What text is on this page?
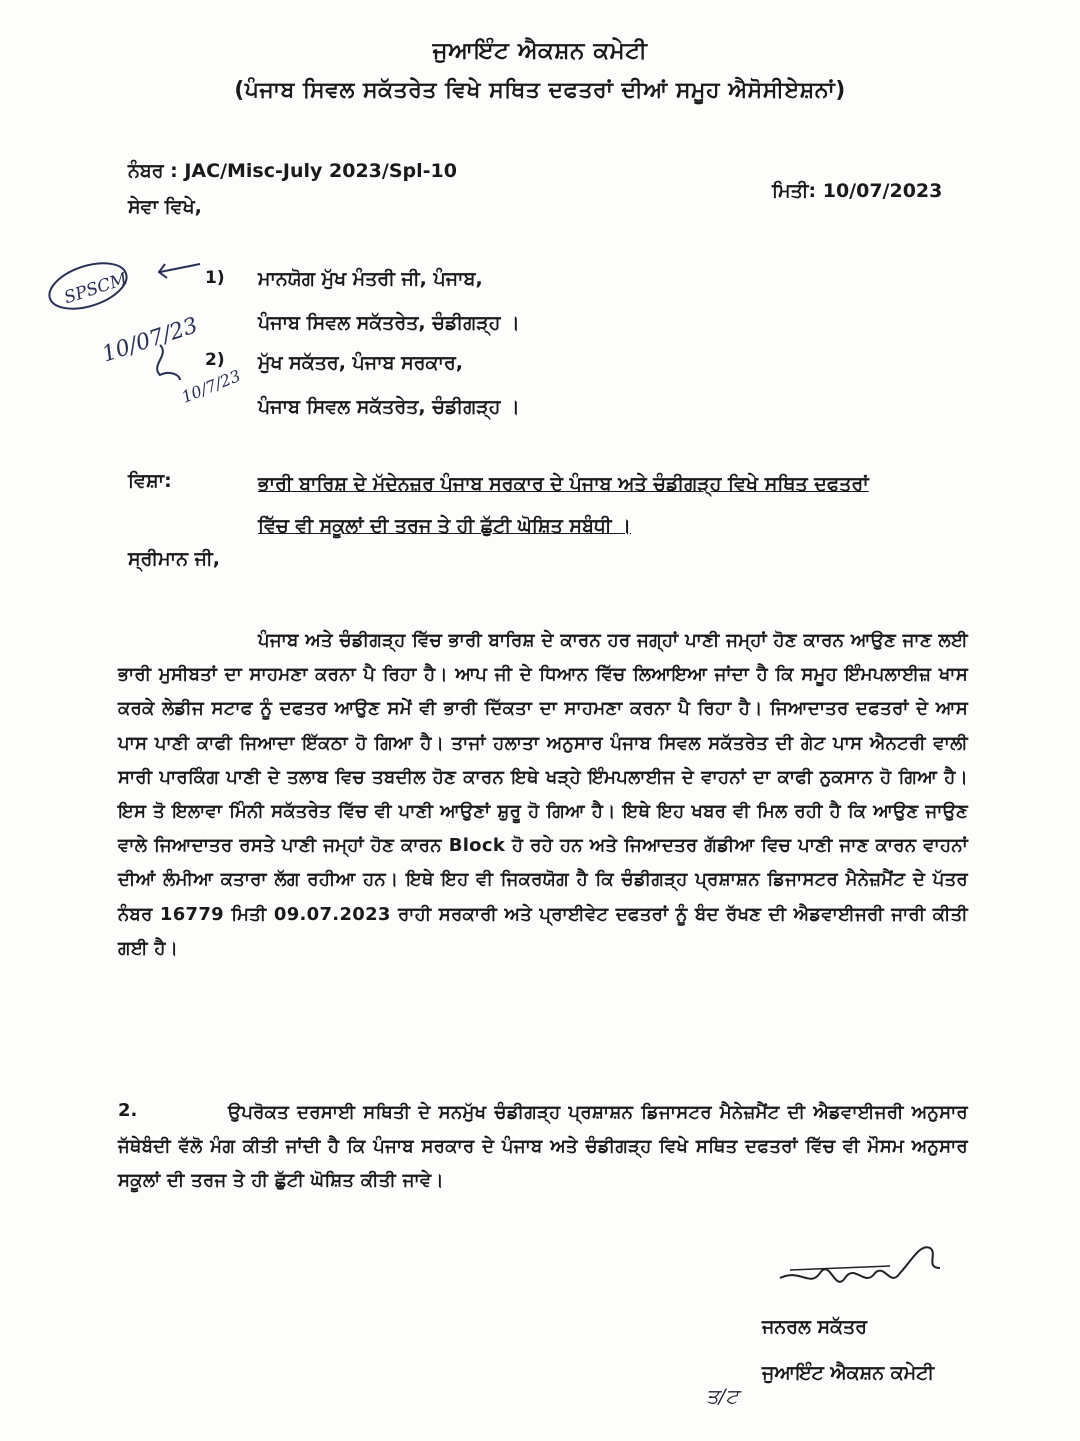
ਜੁਆਇੰਟ ਐਕਸ਼ਨ ਕਮੇਟੀ
(ਪੰਜਾਬ ਸਿਵਲ ਸਕੱਤਰੇਤ ਵਿਖੇ ਸਥਿਤ ਦਫਤਰਾਂ ਦੀਆਂ ਸਮੂਹ ਐਸੋਸੀਏਸ਼ਨਾਂ)
ਨੰਬਰ : JAC/Misc-July 2023/Spl-10
ਮਿਤੀ: 10/07/2023
ਸੇਵਾ ਵਿਖੇ,
SPSCM
10/07/23
10/7/23
1) ਮਾਨਯੋਗ ਮੁੱਖ ਮੰਤਰੀ ਜੀ, ਪੰਜਾਬ,
ਪੰਜਾਬ ਸਿਵਲ ਸਕੱਤਰੇਤ, ਚੰਡੀਗੜ੍ਹ ।
2) ਮੁੱਖ ਸਕੱਤਰ, ਪੰਜਾਬ ਸਰਕਾਰ,
ਪੰਜਾਬ ਸਿਵਲ ਸਕੱਤਰੇਤ, ਚੰਡੀਗੜ੍ਹ ।
ਵਿਸ਼ਾ:	ਭਾਰੀ ਬਾਰਿਸ਼ ਦੇ ਮੱਦੇਨਜ਼ਰ ਪੰਜਾਬ ਸਰਕਾਰ ਦੇ ਪੰਜਾਬ ਅਤੇ ਚੰਡੀਗੜ੍ਹ ਵਿਖੇ ਸਥਿਤ ਦਫਤਰਾਂ
ਵਿੱਚ ਵੀ ਸਕੂਲਾਂ ਦੀ ਤਰਜ ਤੇ ਹੀ ਛੁੱਟੀ ਘੋਸ਼ਿਤ ਸਬੰਧੀ ।
ਸ੍ਰੀਮਾਨ ਜੀ,
ਪੰਜਾਬ ਅਤੇ ਚੰਡੀਗੜ੍ਹ ਵਿੱਚ ਭਾਰੀ ਬਾਰਿਸ਼ ਦੇ ਕਾਰਨ ਹਰ ਜਗ੍ਹਾਂ ਪਾਣੀ ਜਮ੍ਹਾਂ ਹੋਣ ਕਾਰਨ ਆਉਣ ਜਾਣ ਲਈ ਭਾਰੀ ਮੁਸੀਬਤਾਂ ਦਾ ਸਾਹਮਣਾ ਕਰਨਾ ਪੈ ਰਿਹਾ ਹੈ। ਆਪ ਜੀ ਦੇ ਧਿਆਨ ਵਿੱਚ ਲਿਆਇਆ ਜਾਂਦਾ ਹੈ ਕਿ ਸਮੂਹ ਇੰਮਪਲਾਈਜ਼ ਖਾਸ ਕਰਕੇ ਲੇਡੀਜ ਸਟਾਫ ਨੂੰ ਦਫਤਰ ਆਉਣ ਸਮੇਂ ਵੀ ਭਾਰੀ ਦਿੱਕਤਾ ਦਾ ਸਾਹਮਣਾ ਕਰਨਾ ਪੈ ਰਿਹਾ ਹੈ। ਜਿਆਦਾਤਰ ਦਫਤਰਾਂ ਦੇ ਆਸ ਪਾਸ ਪਾਣੀ ਕਾਫੀ ਜਿਆਦਾ ਇੱਕਠਾ ਹੋ ਗਿਆ ਹੈ। ਤਾਜਾਂ ਹਲਾਤਾ ਅਨੁਸਾਰ ਪੰਜਾਬ ਸਿਵਲ ਸਕੱਤਰੇਤ ਦੀ ਗੇਟ ਪਾਸ ਐਨਟਰੀ ਵਾਲੀ ਸਾਰੀ ਪਾਰਕਿੰਗ ਪਾਣੀ ਦੇ ਤਲਾਬ ਵਿਚ ਤਬਦੀਲ ਹੋਣ ਕਾਰਨ ਇਥੇ ਖੜ੍ਹੇ ਇੰਮਪਲਾਈਜ ਦੇ ਵਾਹਨਾਂ ਦਾ ਕਾਫੀ ਨੁਕਸਾਨ ਹੋ ਗਿਆ ਹੈ। ਇਸ ਤੋ ਇਲਾਵਾ ਮਿੰਨੀ ਸਕੱਤਰੇਤ ਵਿੱਚ ਵੀ ਪਾਣੀ ਆਉਣਾਂ ਸ਼ੁਰੂ ਹੋ ਗਿਆ ਹੈ। ਇਥੇ ਇਹ ਖਬਰ ਵੀ ਮਿਲ ਰਹੀ ਹੈ ਕਿ ਆਉਣ ਜਾਉਣ ਵਾਲੇ ਜਿਆਦਾਤਰ ਰਸਤੇ ਪਾਣੀ ਜਮ੍ਹਾਂ ਹੋਣ ਕਾਰਨ Block ਹੋ ਰਹੇ ਹਨ ਅਤੇ ਜਿਆਦਤਰ ਗੱਡੀਆ ਵਿਚ ਪਾਣੀ ਜਾਣ ਕਾਰਨ ਵਾਹਨਾਂ ਦੀਆਂ ਲੰਮੀਆ ਕਤਾਰਾ ਲੱਗ ਰਹੀਆ ਹਨ। ਇਥੇ ਇਹ ਵੀ ਜਿਕਰਯੋਗ ਹੈ ਕਿ ਚੰਡੀਗੜ੍ਹ ਪ੍ਰਸ਼ਾਸ਼ਨ ਡਿਜਾਸਟਰ ਮੈਨੇਜ਼ਮੈਂਟ ਦੇ ਪੱਤਰ ਨੰਬਰ 16779 ਮਿਤੀ 09.07.2023 ਰਾਹੀ ਸਰਕਾਰੀ ਅਤੇ ਪ੍ਰਾਈਵੇਟ ਦਫਤਰਾਂ ਨੂੰ ਬੰਦ ਰੱਖਣ ਦੀ ਐਡਵਾਈਜਰੀ ਜਾਰੀ ਕੀਤੀ ਗਈ ਹੈ।
2.	ਉਪਰੋਕਤ ਦਰਸਾਈ ਸਥਿਤੀ ਦੇ ਸਨਮੁੱਖ ਚੰਡੀਗੜ੍ਹ ਪ੍ਰਸ਼ਾਸ਼ਨ ਡਿਜਾਸਟਰ ਮੈਨੇਜ਼ਮੈਂਟ ਦੀ ਐਡਵਾਈਜਰੀ ਅਨੁਸਾਰ ਜੱਥੇਬੰਦੀ ਵੱਲੋ ਮੰਗ ਕੀਤੀ ਜਾਂਦੀ ਹੈ ਕਿ ਪੰਜਾਬ ਸਰਕਾਰ ਦੇ ਪੰਜਾਬ ਅਤੇ ਚੰਡੀਗੜ੍ਹ ਵਿਖੇ ਸਥਿਤ ਦਫਤਰਾਂ ਵਿੱਚ ਵੀ ਮੌਸਮ ਅਨੁਸਾਰ ਸਕੂਲਾਂ ਦੀ ਤਰਜ ਤੇ ਹੀ ਛੁੱਟੀ ਘੋਸ਼ਿਤ ਕੀਤੀ ਜਾਵੇ।
ਜਨਰਲ ਸਕੱਤਰ
ਜੁਆਇੰਟ ਐਕਸ਼ਨ ਕਮੇਟੀ
ਤ/ਟ
